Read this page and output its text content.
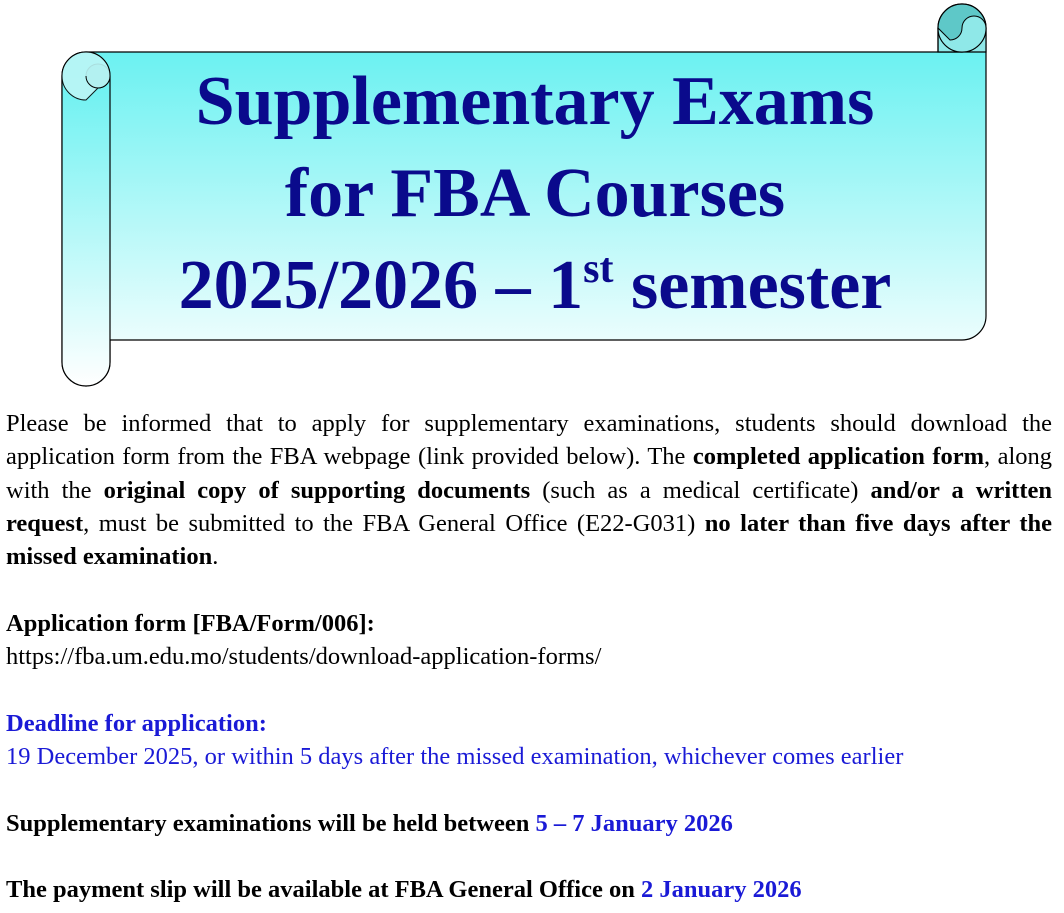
Supplementary Exams
for FBA Courses
2025/2026 – 1st semester

Please be informed that to apply for supplementary examinations, students should download the application form from the FBA webpage (link provided below). The completed application form, along with the original copy of supporting documents (such as a medical certificate) and/or a written request, must be submitted to the FBA General Office (E22-G031) no later than five days after the missed examination.

Application form [FBA/Form/006]:

https://fba.um.edu.mo/students/download-application-forms/

Deadline for application:

19 December 2025, or within 5 days after the missed examination, whichever comes earlier

Supplementary examinations will be held between 5 – 7 January 2026

The payment slip will be available at FBA General Office on 2 January 2026
